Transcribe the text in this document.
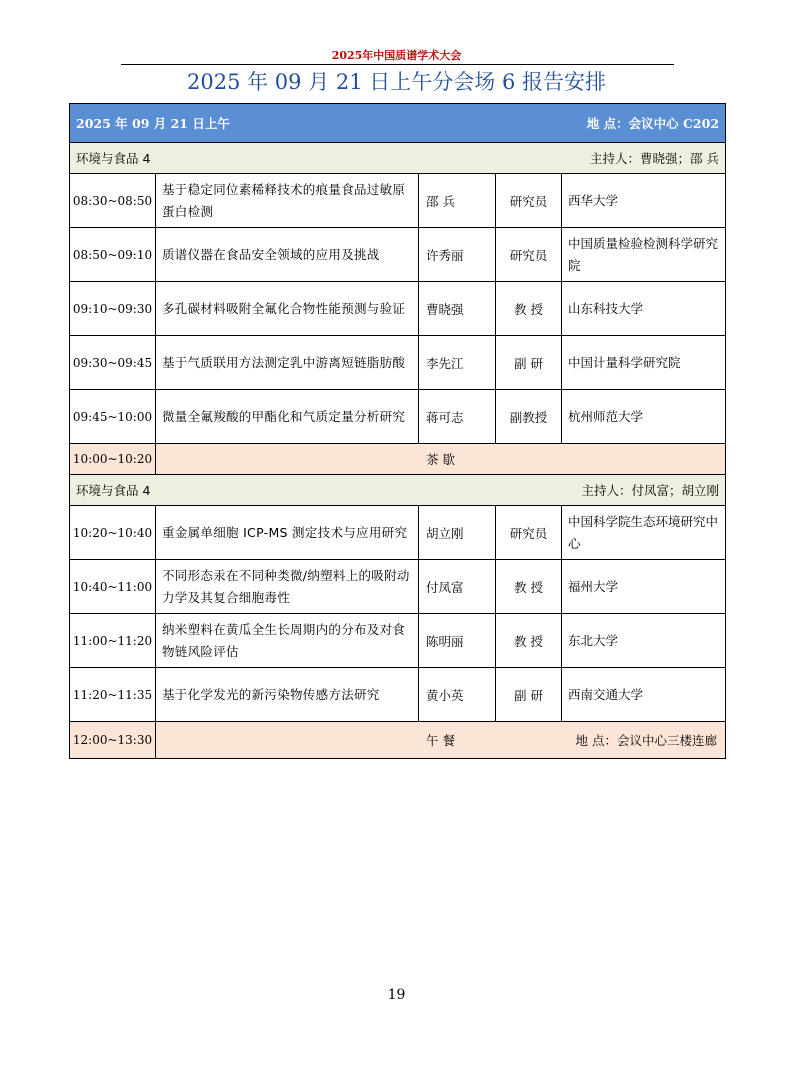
2025年中国质谱学术大会
2025 年 09 月 21 日上午分会场 6 报告安排
2025 年 09 月 21 日上午 地 点：会议中心 C202				

环境与食品 4 主持人：曹晓强；邵 兵				

08:30~08:50	基于稳定同位素稀释技术的痕量食品过敏原蛋白检测	邵 兵	研究员	西华大学
08:50~09:10	质谱仪器在食品安全领域的应用及挑战	许秀丽	研究员	中国质量检验检测科学研究院
09:10~09:30	多孔碳材料吸附全氟化合物性能预测与验证	曹晓强	教 授	山东科技大学
09:30~09:45	基于气质联用方法测定乳中游离短链脂肪酸	李先江	副 研	中国计量科学研究院
09:45~10:00	微量全氟羧酸的甲酯化和气质定量分析研究	蒋可志	副教授	杭州师范大学
10:00~10:20	茶 歇			

环境与食品 4 主持人：付凤富；胡立刚				

10:20~10:40	重金属单细胞 ICP-MS 测定技术与应用研究	胡立刚	研究员	中国科学院生态环境研究中心
10:40~11:00	不同形态汞在不同种类微/纳塑料上的吸附动力学及其复合细胞毒性	付凤富	教 授	福州大学
11:00~11:20	纳米塑料在黄瓜全生长周期内的分布及对食物链风险评估	陈明丽	教 授	东北大学
11:20~11:35	基于化学发光的新污染物传感方法研究	黄小英	副 研	西南交通大学
12:00~13:30	午 餐 地 点：会议中心三楼连廊			
19
